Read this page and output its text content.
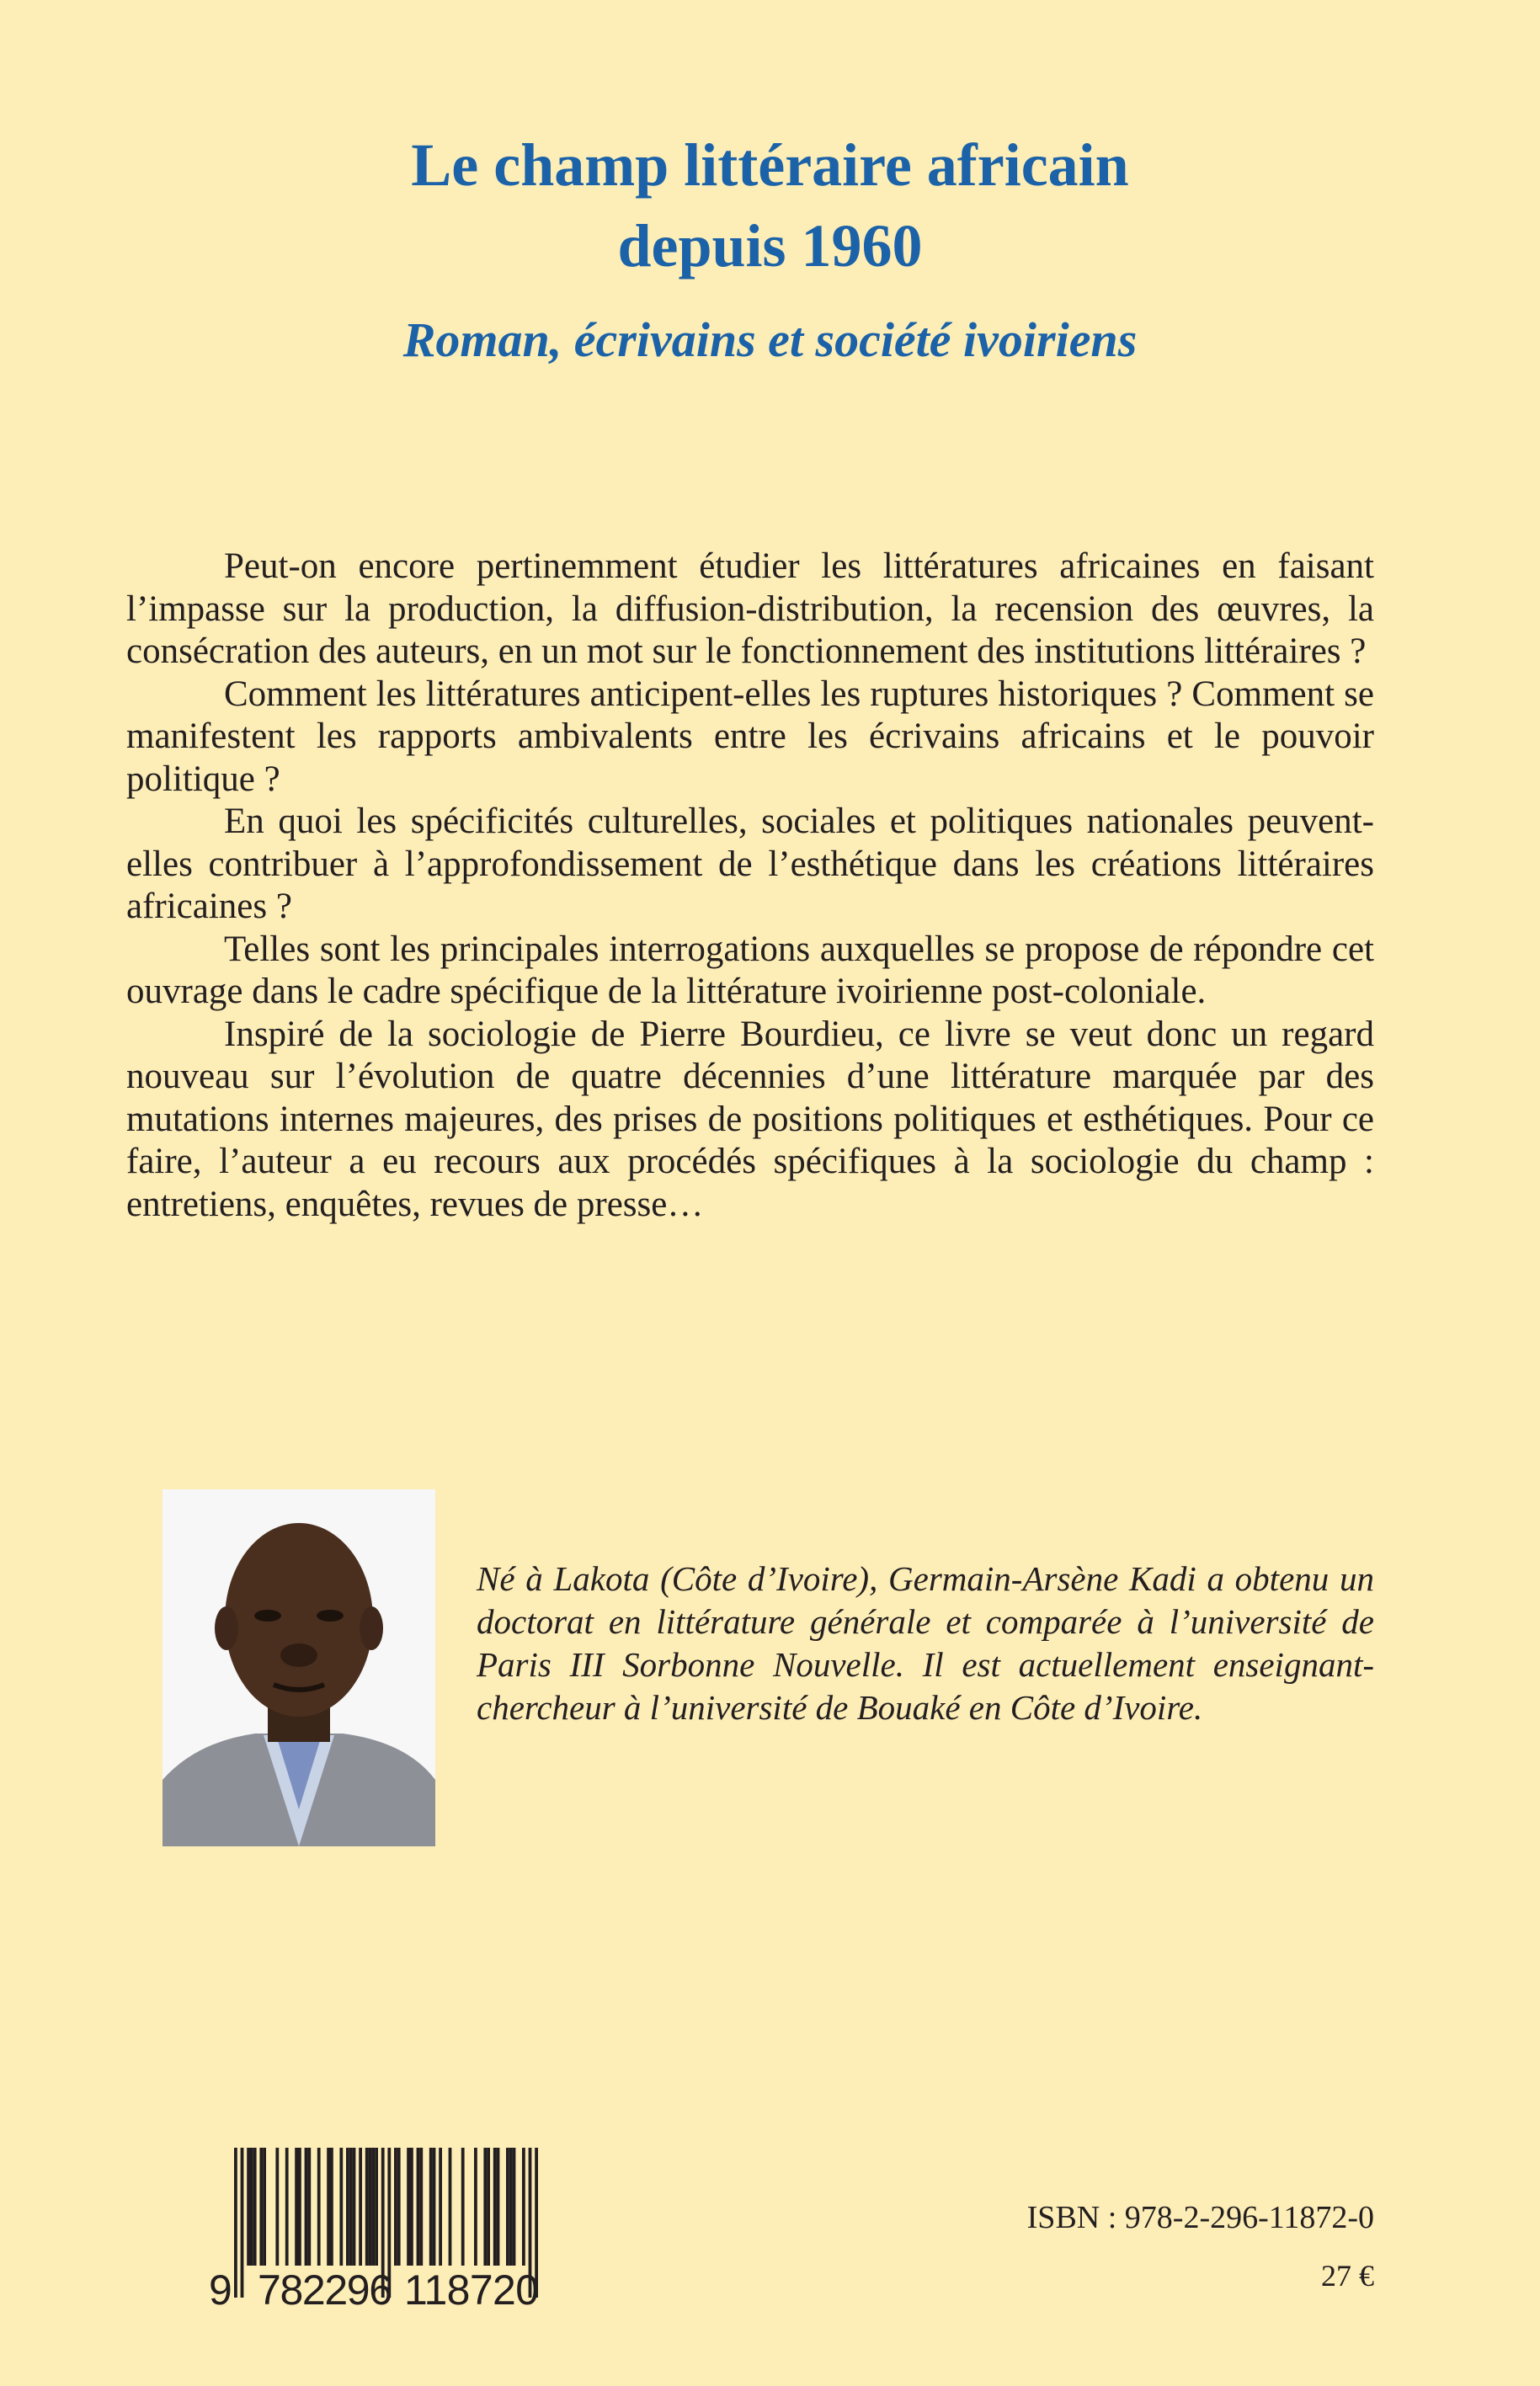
Le champ littéraire africain
depuis 1960
Roman, écrivains et société ivoiriens

Peut-on encore pertinemment étudier les littératures africaines en faisant l’impasse sur la production, la diffusion-distribution, la recension des œuvres, la consécration des auteurs, en un mot sur le fonctionnement des institutions littéraires ?

Comment les littératures anticipent-elles les ruptures historiques ? Comment se manifestent les rapports ambivalents entre les écrivains africains et le pouvoir politique ?

En quoi les spécificités culturelles, sociales et politiques nationales peuvent-elles contribuer à l’approfondissement de l’esthétique dans les créations littéraires africaines ?

Telles sont les principales interrogations auxquelles se propose de répondre cet ouvrage dans le cadre spécifique de la littérature ivoirienne post-coloniale.

Inspiré de la sociologie de Pierre Bourdieu, ce livre se veut donc un regard nouveau sur l’évolution de quatre décennies d’une littérature marquée par des mutations internes majeures, des prises de positions politiques et esthétiques. Pour ce faire, l’auteur a eu recours aux procédés spécifiques à la sociologie du champ : entretiens, enquêtes, revues de presse…

Né à Lakota (Côte d’Ivoire), Germain-Arsène Kadi a obtenu un doctorat en littérature générale et comparée à l’université de Paris III Sorbonne Nouvelle. Il est actuellement enseignant-chercheur à l’université de Bouaké en Côte d’Ivoire.
9 782296 118720
ISBN : 978-2-296-11872-0
27 €
